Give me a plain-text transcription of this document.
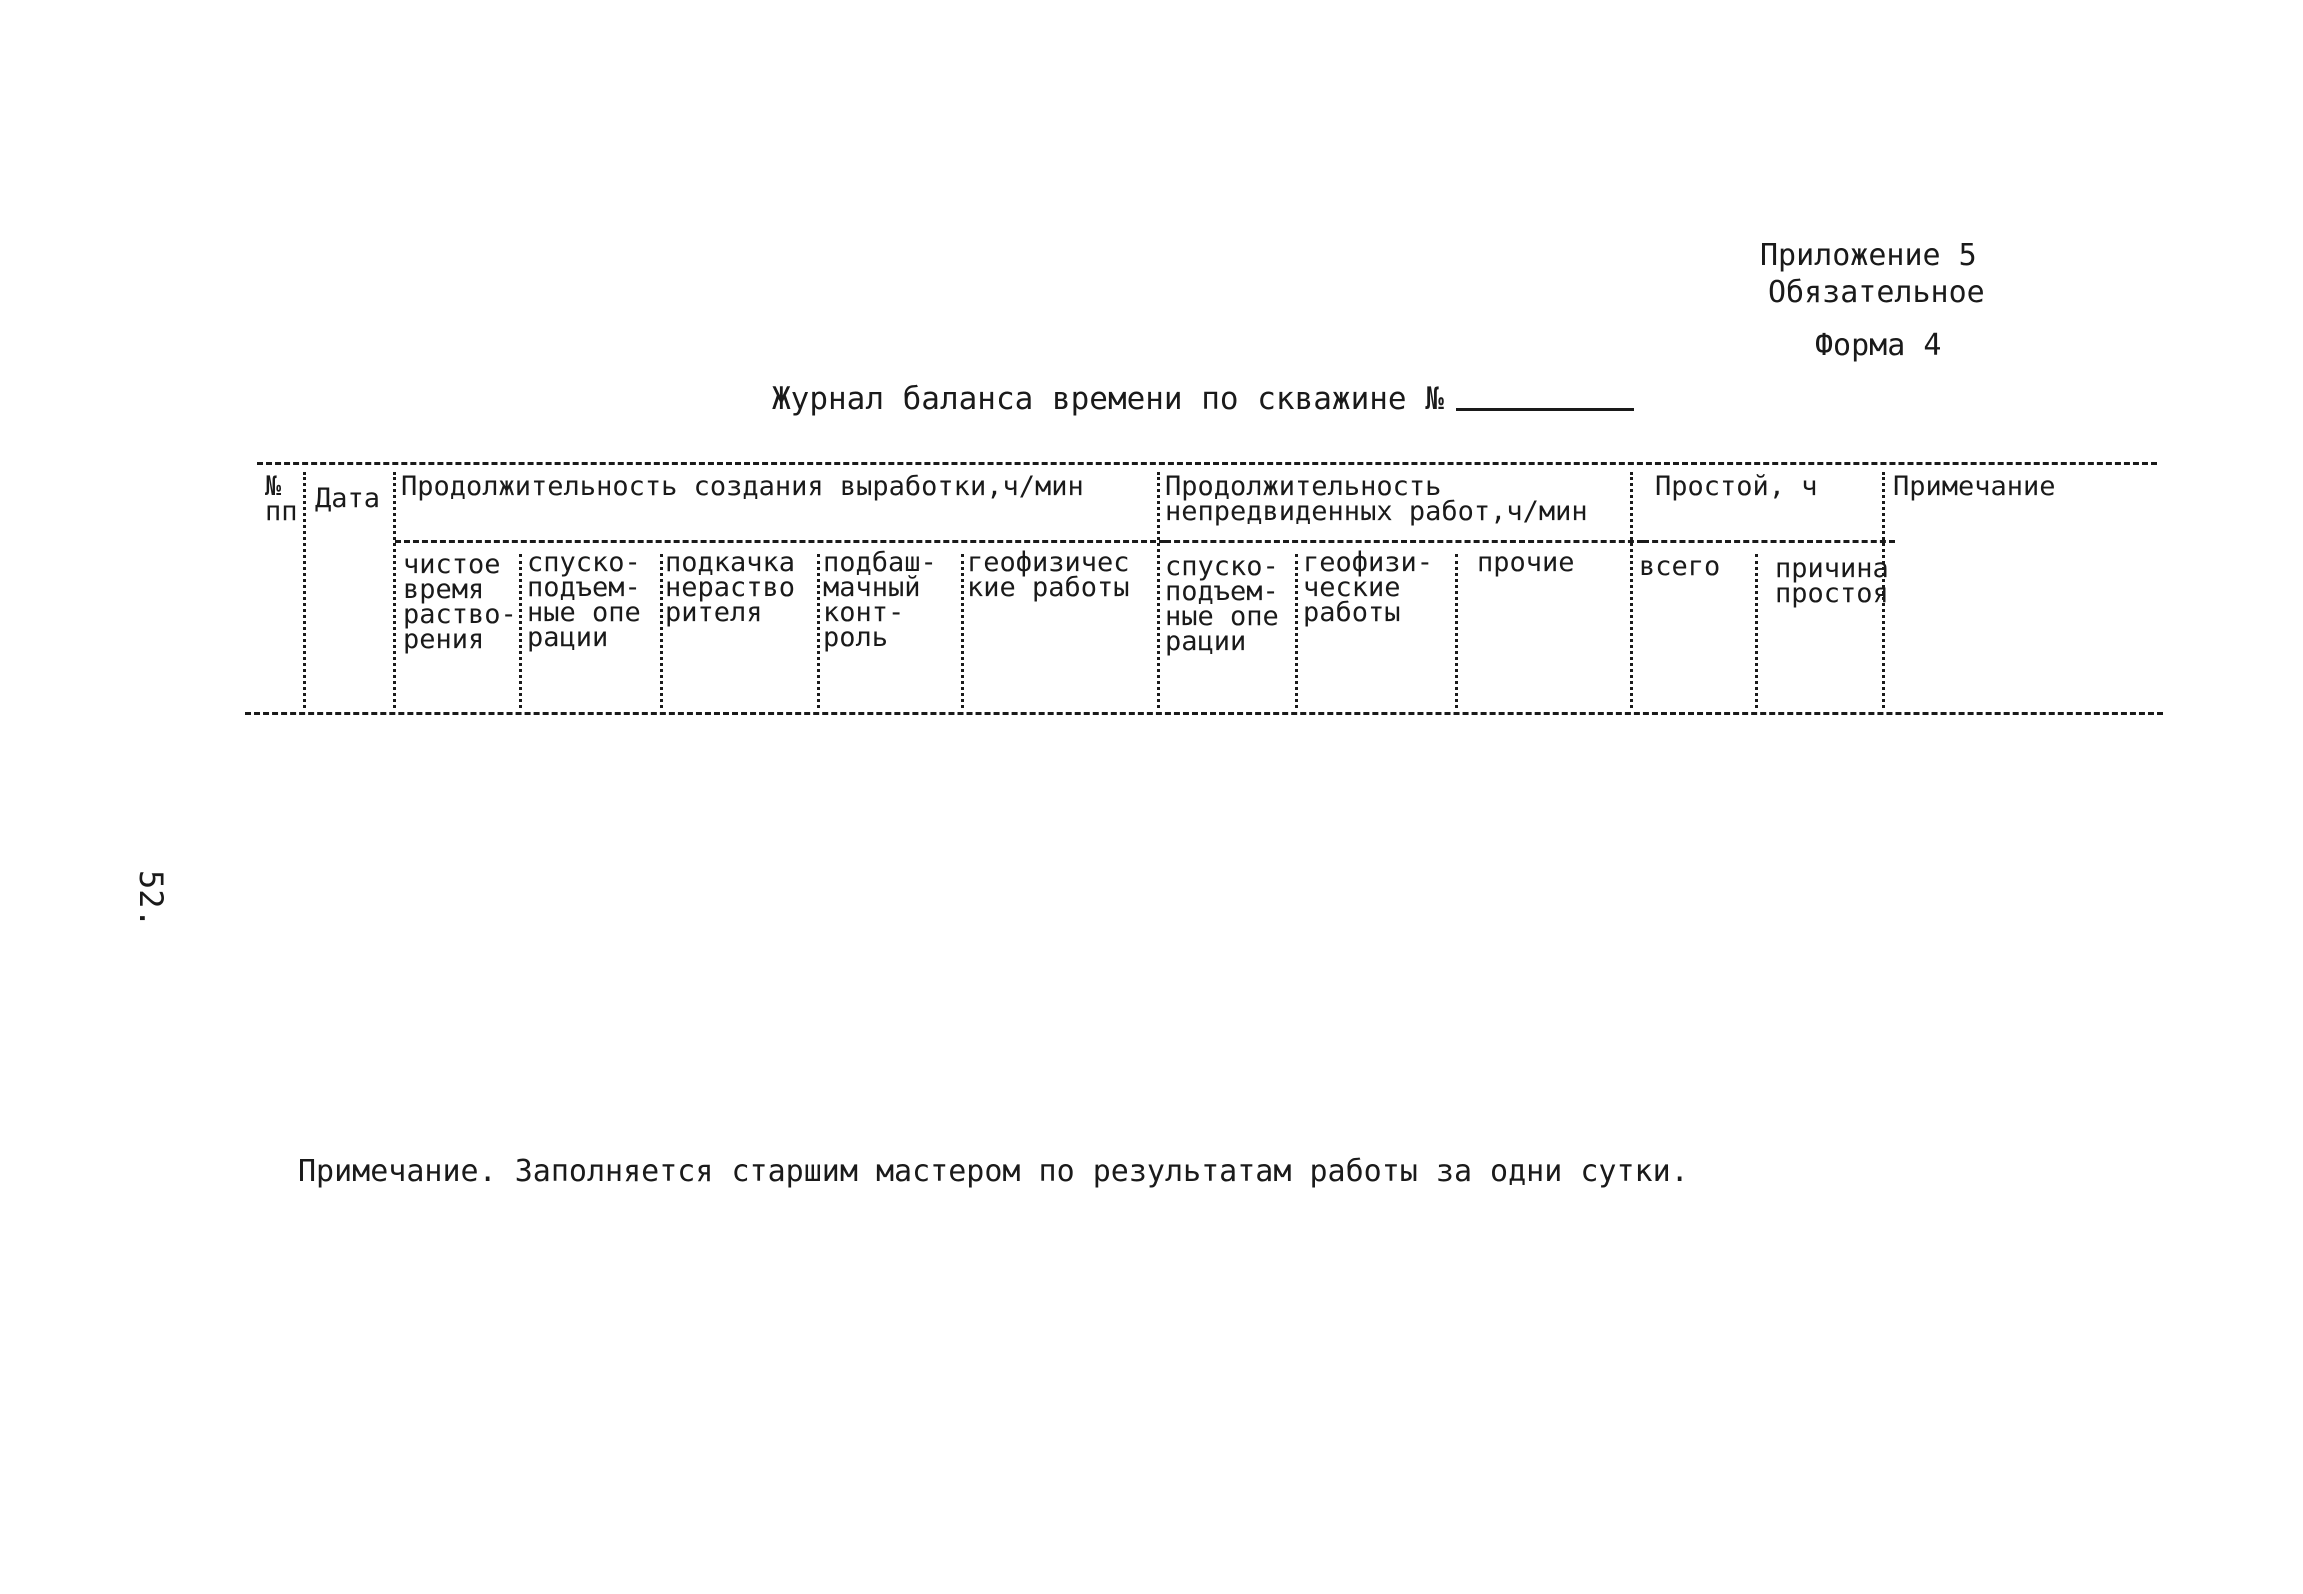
Приложение 5
Обязательное
Форма 4
Журнал баланса времени по скважине №
№
пп Дата Продолжительность создания выработки,ч/мин	Продолжительность
непредвиденных работ,ч/мин
Простой, ч	Примечание
чистое
время
раство-
рения
спуско-
подъем-
ные опе
рации
подкачка
нераство
рителя
подбаш-
мачный
конт-
роль
геофизичес
кие работы
спуско-
подъем-
ные опе
рации
геофизи-
ческие
работы
прочие всего причина
простоя
52.
Примечание. Заполняется старшим мастером по результатам работы за одни сутки.
